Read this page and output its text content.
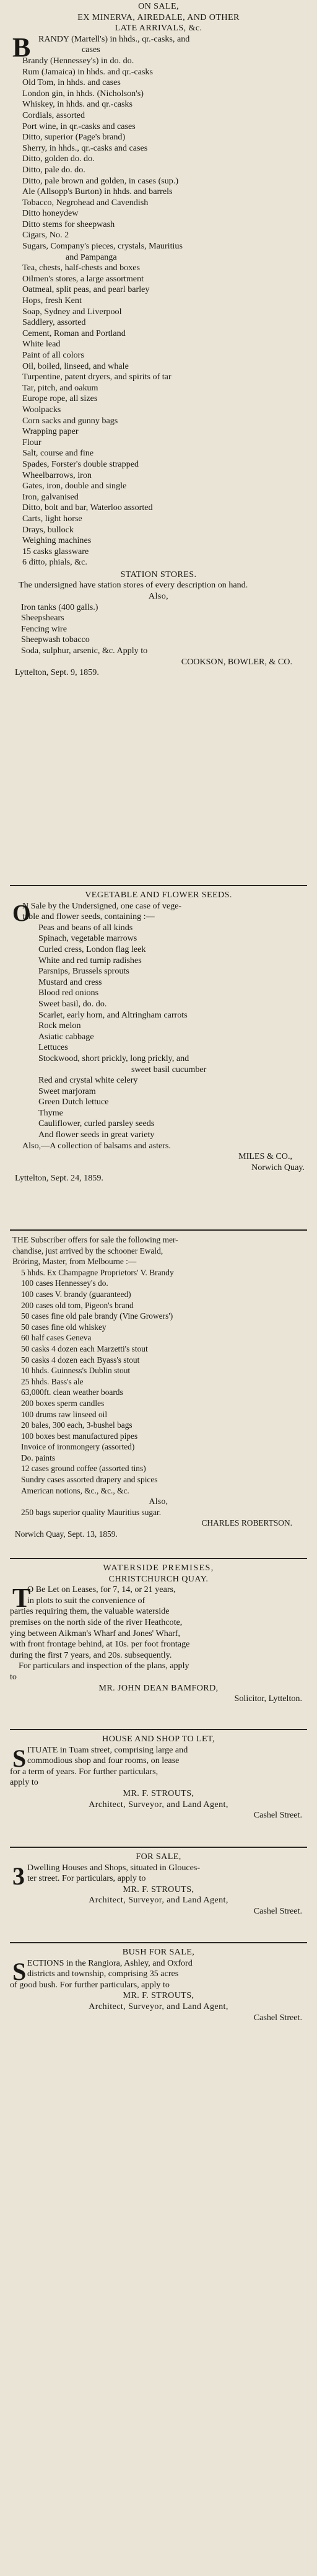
ON SALE,
EX MINERVA, AIREDALE, AND OTHER
LATE ARRIVALS, &c.
B RANDY (Martell's) in hhds., qr.-casks, and
cases
Brandy (Hennessey's) in do. do.
Rum (Jamaica) in hhds. and qr.-casks
Old Tom, in hhds. and cases
London gin, in hhds. (Nicholson's)
Whiskey, in hhds. and qr.-casks
Cordials, assorted
Port wine, in qr.-casks and cases
Ditto, superior (Page's brand)
Sherry, in hhds., qr.-casks and cases
Ditto, golden do. do.
Ditto, pale do. do.
Ditto, pale brown and golden, in cases (sup.)
Ale (Allsopp's Burton) in hhds. and barrels
Tobacco, Negrohead and Cavendish
Ditto honeydew
Ditto stems for sheepwash
Cigars, No. 2
Sugars, Company's pieces, crystals, Mauritius
and Pampanga
Tea, chests, half-chests and boxes
Oilmen's stores, a large assortment
Oatmeal, split peas, and pearl barley
Hops, fresh Kent
Soap, Sydney and Liverpool
Saddlery, assorted
Cement, Roman and Portland
White lead
Paint of all colors
Oil, boiled, linseed, and whale
Turpentine, patent dryers, and spirits of tar
Tar, pitch, and oakum
Europe rope, all sizes
Woolpacks
Corn sacks and gunny bags
Wrapping paper
Flour
Salt, course and fine
Spades, Forster's double strapped
Wheelbarrows, iron
Gates, iron, double and single
Iron, galvanised
Ditto, bolt and bar, Waterloo assorted
Carts, light horse
Drays, bullock
Weighing machines
15 casks glassware
6 ditto, phials, &c.
STATION STORES.
The undersigned have station stores of every description on hand.
Also,
Iron tanks (400 galls.)
Sheepshears
Fencing wire
Sheepwash tobacco
Soda, sulphur, arsenic, &c. Apply to
COOKSON, BOWLER, & CO.
Lyttelton, Sept. 9, 1859.
VEGETABLE AND FLOWER SEEDS.
O
N Sale by the Undersigned, one case of vege-
table and flower seeds, containing :—
Peas and beans of all kinds
Spinach, vegetable marrows
Curled cress, London flag leek
White and red turnip radishes
Parsnips, Brussels sprouts
Mustard and cress
Blood red onions
Sweet basil, do. do.
Scarlet, early horn, and Altringham carrots
Rock melon
Asiatic cabbage
Lettuces
Stockwood, short prickly, long prickly, and
sweet basil cucumber
Red and crystal white celery
Sweet marjoram
Green Dutch lettuce
Thyme
Cauliflower, curled parsley seeds
And flower seeds in great variety
Also,—A collection of balsams and asters.
MILES & CO.,
Norwich Quay.
Lyttelton, Sept. 24, 1859.
THE Subscriber offers for sale the following mer-
chandise, just arrived by the schooner Ewald,
Bröring, Master, from Melbourne :—
5 hhds. Ex Champagne Proprietors' V. Brandy
100 cases Hennessey's do.
100 cases V. brandy (guaranteed)
200 cases old tom, Pigeon's brand
50 cases fine old pale brandy (Vine Growers')
50 cases fine old whiskey
60 half cases Geneva
50 casks 4 dozen each Marzetti's stout
50 casks 4 dozen each Byass's stout
10 hhds. Guinness's Dublin stout
25 hhds. Bass's ale
63,000ft. clean weather boards
200 boxes sperm candles
100 drums raw linseed oil
20 bales, 300 each, 3-bushel bags
100 boxes best manufactured pipes
Invoice of ironmongery (assorted)
Do. paints
12 cases ground coffee (assorted tins)
Sundry cases assorted drapery and spices
American notions, &c., &c., &c.
Also,
250 bags superior quality Mauritius sugar.
CHARLES ROBERTSON.
Norwich Quay, Sept. 13, 1859.
WATERSIDE PREMISES,
CHRISTCHURCH QUAY.
T
O Be Let on Leases, for 7, 14, or 21 years,
in plots to suit the convenience of
parties requiring them, the valuable waterside
premises on the north side of the river Heathcote,
ying between Aikman's Wharf and Jones' Wharf,
with front frontage behind, at 10s. per foot frontage
during the first 7 years, and 20s. subsequently.
For particulars and inspection of the plans, apply
to
MR. JOHN DEAN BAMFORD,
Solicitor, Lyttelton.
HOUSE AND SHOP TO LET,
S ITUATE in Tuam street, comprising large and
commodious shop and four rooms, on lease
for a term of years. For further particulars,
apply to
MR. F. STROUTS,
Architect, Surveyor, and Land Agent,
Cashel Street.
FOR SALE,
3 Dwelling Houses and Shops, situated in Glouces-
ter street. For particulars, apply to
MR. F. STROUTS,
Architect, Surveyor, and Land Agent,
Cashel Street.
BUSH FOR SALE,
S ECTIONS in the Rangiora, Ashley, and Oxford
districts and township, comprising 35 acres
of good bush. For further particulars, apply to
MR. F. STROUTS,
Architect, Surveyor, and Land Agent,
Cashel Street.
